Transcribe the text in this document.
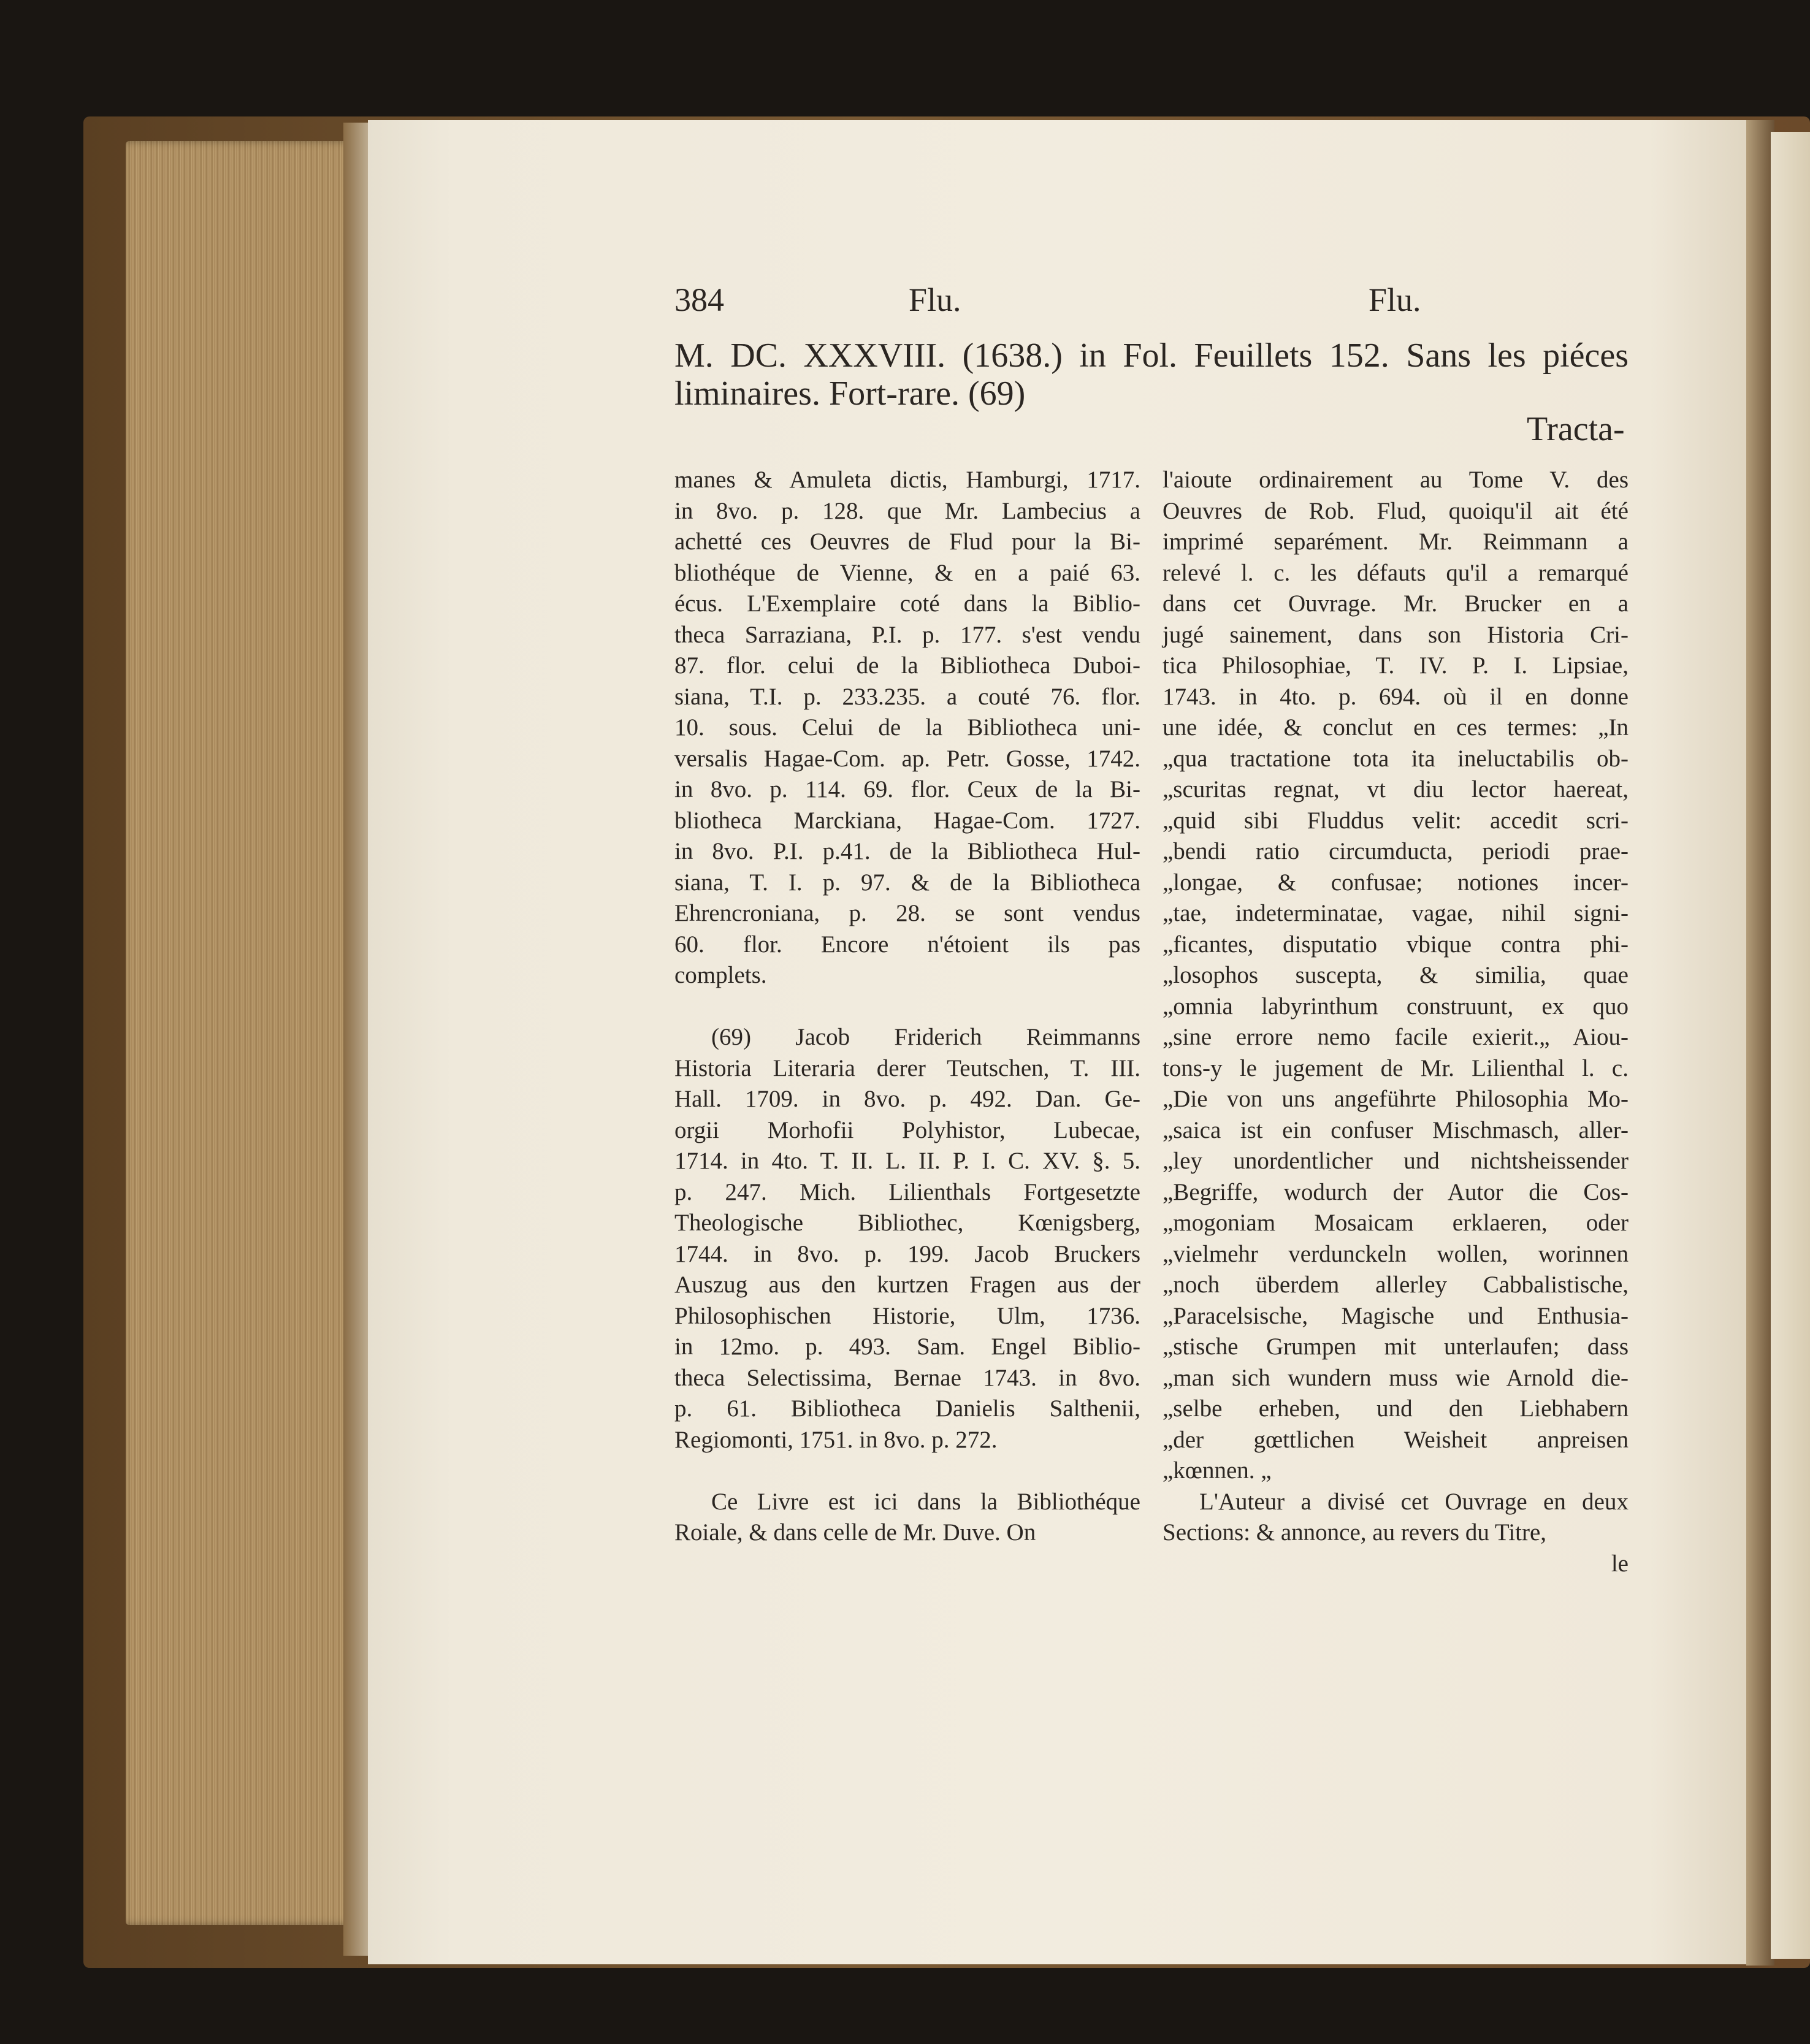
384	Flu.	Flu.
M. DC. XXXVIII. (1638.) in Fol. Feuillets 152. Sans les piéces
liminaires. Fort-rare. (69)
Tracta-
manes & Amuleta dictis, Hamburgi, 1717.
in 8vo. p. 128. que Mr. Lambecius a
achetté ces Oeuvres de Flud pour la Bi-
bliothéque de Vienne, & en a paié 63.
écus. L'Exemplaire coté dans la Biblio-
theca Sarraziana, P.I. p. 177. s'est vendu
87. flor. celui de la Bibliotheca Duboi-
siana, T.I. p. 233.235. a couté 76. flor.
10. sous. Celui de la Bibliotheca uni-
versalis Hagae-Com. ap. Petr. Gosse, 1742.
in 8vo. p. 114. 69. flor. Ceux de la Bi-
bliotheca Marckiana, Hagae-Com. 1727.
in 8vo. P.I. p.41. de la Bibliotheca Hul-
siana, T. I. p. 97. & de la Bibliotheca
Ehrencroniana, p. 28. se sont vendus
60. flor. Encore n'étoient ils pas
complets.
(69) Jacob Friderich Reimmanns
Historia Literaria derer Teutschen, T. III.
Hall. 1709. in 8vo. p. 492. Dan. Ge-
orgii Morhofii Polyhistor, Lubecae,
1714. in 4to. T. II. L. II. P. I. C. XV. §. 5.
p. 247. Mich. Lilienthals Fortgesetzte
Theologische Bibliothec, Kœnigsberg,
1744. in 8vo. p. 199. Jacob Bruckers
Auszug aus den kurtzen Fragen aus der
Philosophischen Historie, Ulm, 1736.
in 12mo. p. 493. Sam. Engel Biblio-
theca Selectissima, Bernae 1743. in 8vo.
p. 61. Bibliotheca Danielis Salthenii,
Regiomonti, 1751. in 8vo. p. 272.
Ce Livre est ici dans la Bibliothéque
Roiale, & dans celle de Mr. Duve. On
l'aioute ordinairement au Tome V. des
Oeuvres de Rob. Flud, quoiqu'il ait été
imprimé separément. Mr. Reimmann a
relevé l. c. les défauts qu'il a remarqué
dans cet Ouvrage. Mr. Brucker en a
jugé sainement, dans son Historia Cri-
tica Philosophiae, T. IV. P. I. Lipsiae,
1743. in 4to. p. 694. où il en donne
une idée, & conclut en ces termes: „In
„qua tractatione tota ita ineluctabilis ob-
„scuritas regnat, vt diu lector haereat,
„quid sibi Fluddus velit: accedit scri-
„bendi ratio circumducta, periodi prae-
„longae, & confusae; notiones incer-
„tae, indeterminatae, vagae, nihil signi-
„ficantes, disputatio vbique contra phi-
„losophos suscepta, & similia, quae
„omnia labyrinthum construunt, ex quo
„sine errore nemo facile exierit.„ Aiou-
tons-y le jugement de Mr. Lilienthal l. c.
„Die von uns angeführte Philosophia Mo-
„saica ist ein confuser Mischmasch, aller-
„ley unordentlicher und nichtsheissender
„Begriffe, wodurch der Autor die Cos-
„mogoniam Mosaicam erklaeren, oder
„vielmehr verdunckeln wollen, worinnen
„noch überdem allerley Cabbalistische,
„Paracelsische, Magische und Enthusia-
„stische Grumpen mit unterlaufen; dass
„man sich wundern muss wie Arnold die-
„selbe erheben, und den Liebhabern
„der gœttlichen Weisheit anpreisen
„kœnnen. „
L'Auteur a divisé cet Ouvrage en deux
Sections: & annonce, au revers du Titre,
le
